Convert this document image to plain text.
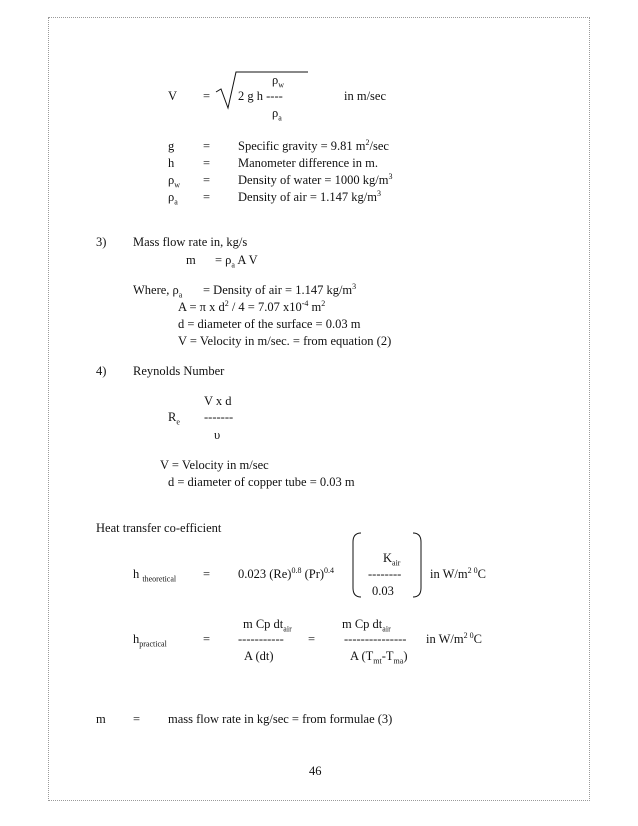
V =
$\rho_w$
2 g h ----
$\rho_a$
in m/sec
g = Specific gravity = 9.81 $m^2/\sec$
h = Manometer difference in m.
$\rho_w$ = Density of water = 1000 $kg/m^3$
$\rho_a$ = Density of air = 1.147 $kg/m^3$
3) Mass flow rate in, kg/s
$m = \rho_a$ A V
Where, $\rho_a$ = Density of air = 1.147 $kg/m^3$
A = π x $d^2 / 4 = 7.07$ $x10^{-4}$ $m^2$
d = diameter of the surface = 0.03 m
V = Velocity in m/sec. = from equation (2)
4) Reynolds Number
V x d
$R_e$ -------
υ
V = Velocity in m/sec
d = diameter of copper tube = 0.03 m
Heat transfer co-efficient
h $_{theoretical}$ = 0.023 $(Re)^{0.8}$ $(Pr)^{0.4}$
$K_{air}$
--------
0.03
in $W/m^{2 0}C$
m Cp $dt_{air}$	m Cp $dt_{air}$
$h_{practical}$	= ----------- = --------------- in $W/m^{2 0}C$
A (dt)	A $(T_{mt}-T_{ma})$
m = mass flow rate in kg/sec = from formulae (3)
46
